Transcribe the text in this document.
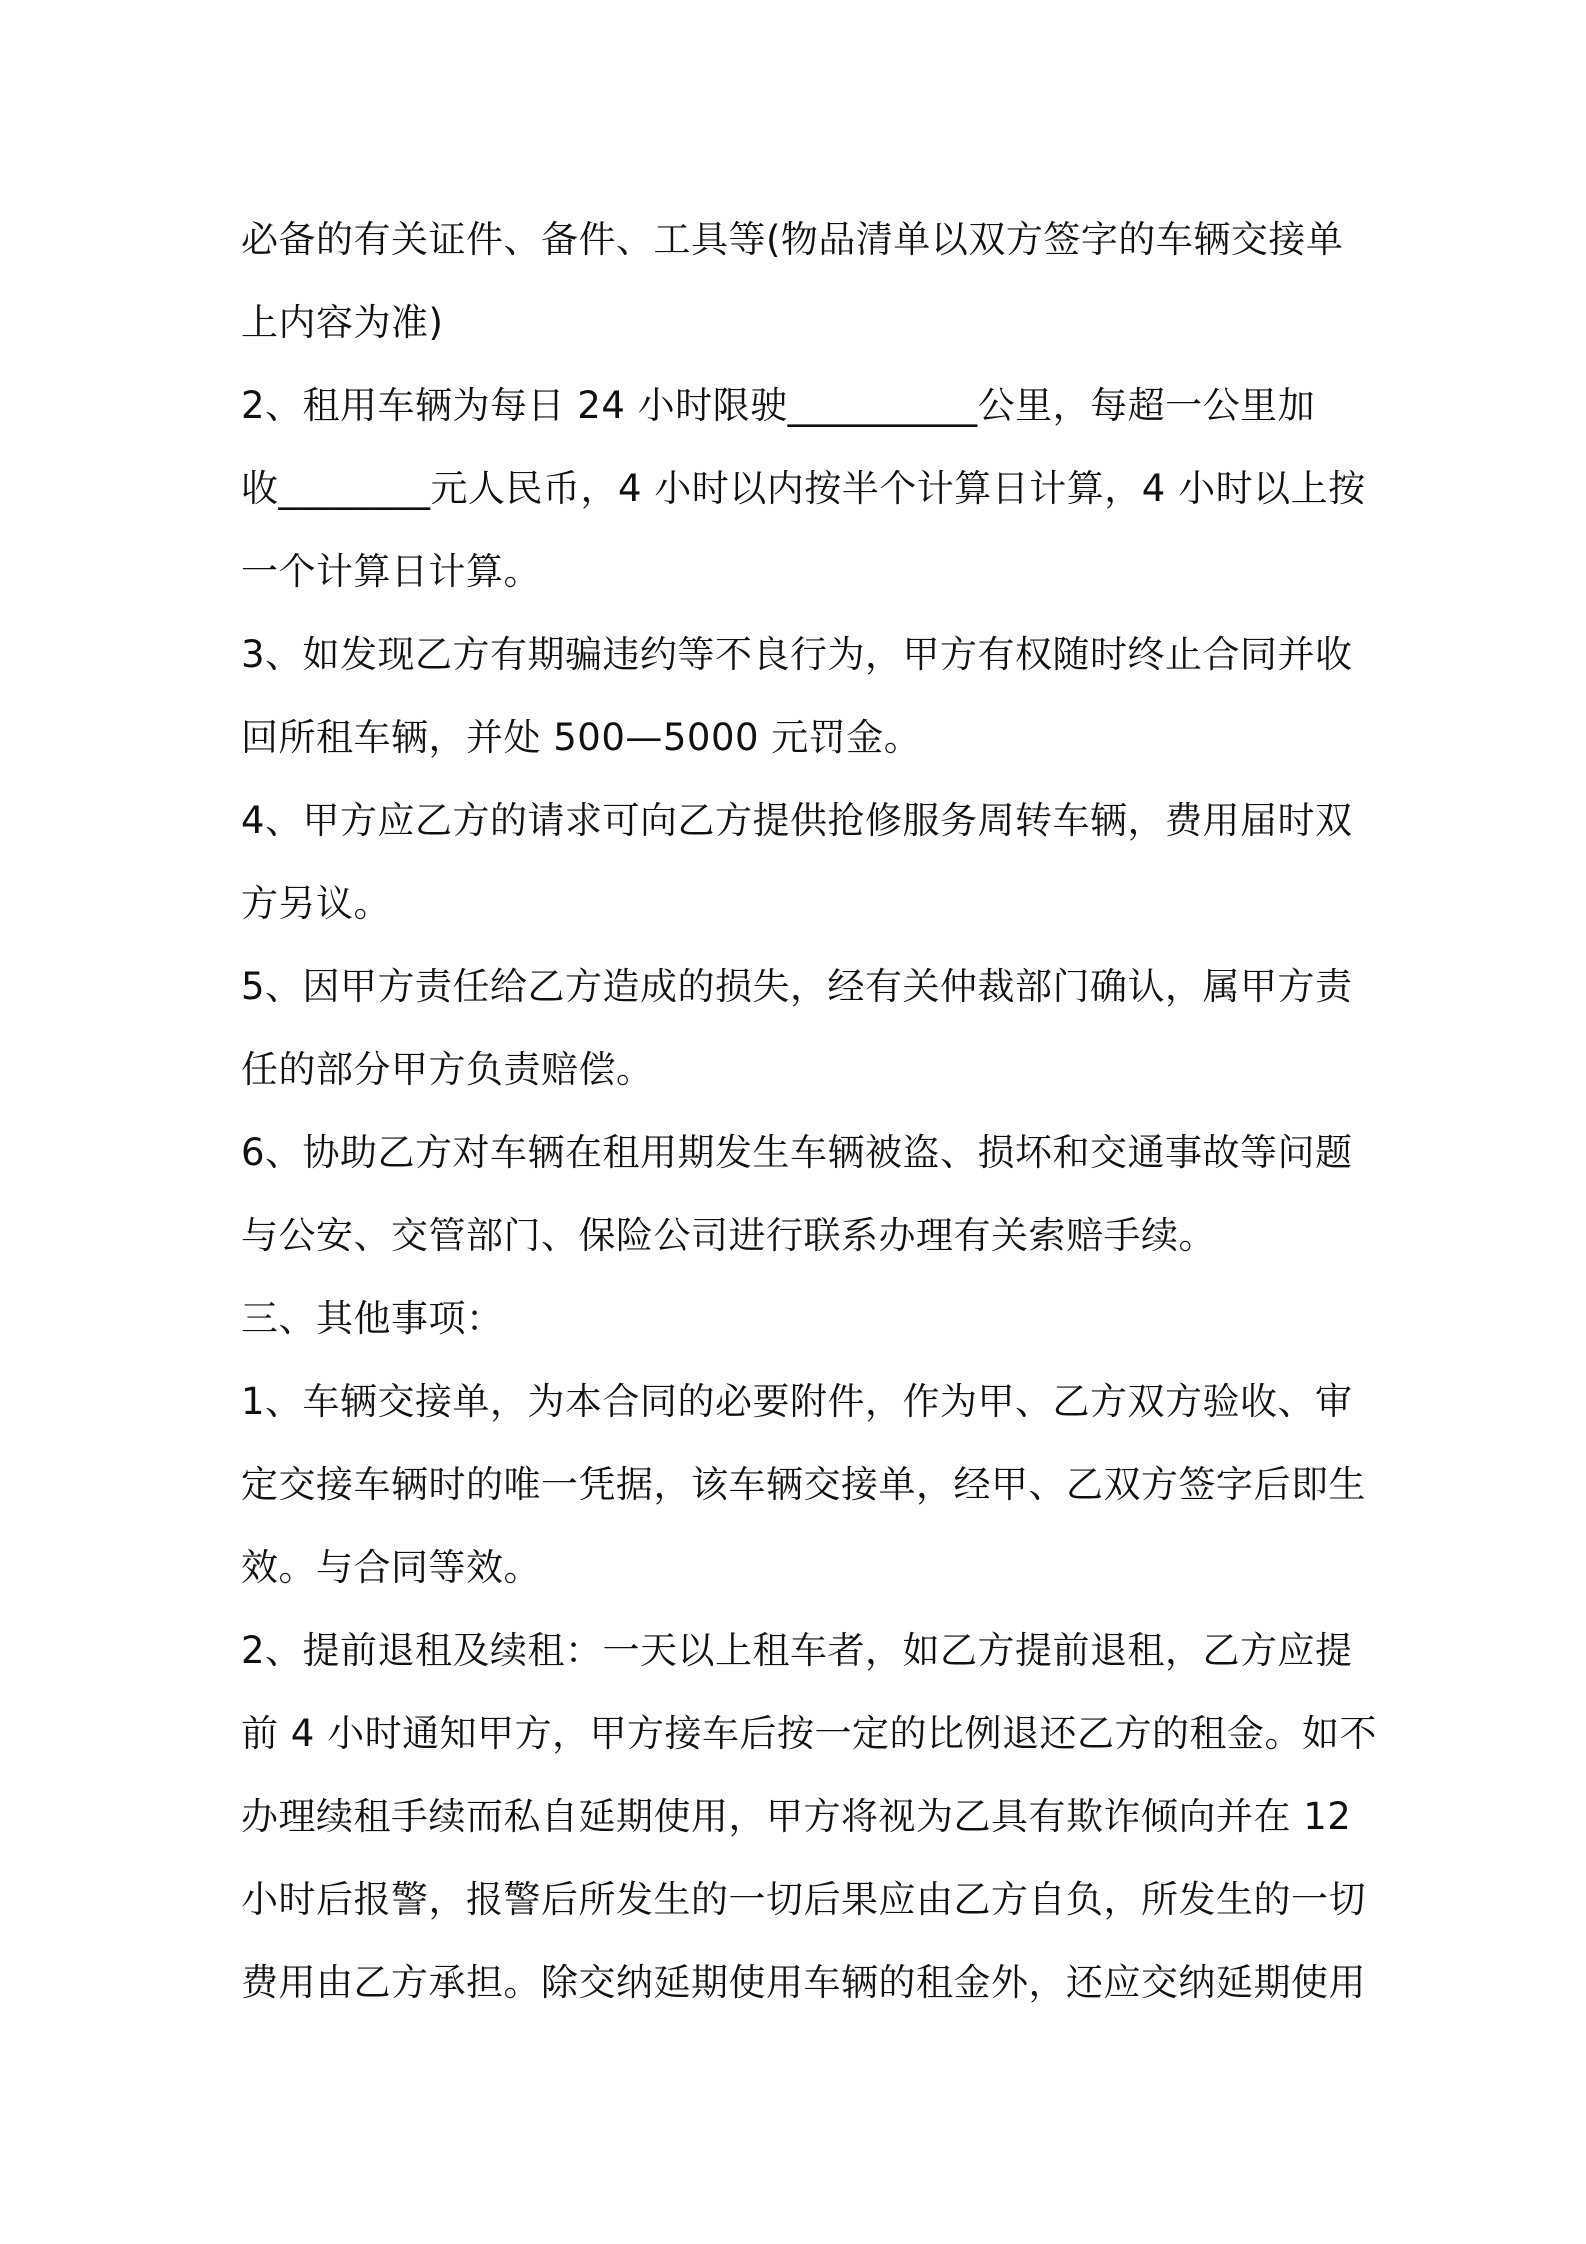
必备的有关证件、备件、工具等(物品清单以双方签字的车辆交接单
上内容为准)
2、租用车辆为每日 24 小时限驶__________公里，每超一公里加
收________元人民币，4 小时以内按半个计算日计算，4 小时以上按
一个计算日计算。
3、如发现乙方有期骗违约等不良行为，甲方有权随时终止合同并收
回所租车辆，并处 500—5000 元罚金。
4、甲方应乙方的请求可向乙方提供抢修服务周转车辆，费用届时双
方另议。
5、因甲方责任给乙方造成的损失，经有关仲裁部门确认，属甲方责
任的部分甲方负责赔偿。
6、协助乙方对车辆在租用期发生车辆被盗、损坏和交通事故等问题
与公安、交管部门、保险公司进行联系办理有关索赔手续。
三、其他事项：
1、车辆交接单，为本合同的必要附件，作为甲、乙方双方验收、审
定交接车辆时的唯一凭据，该车辆交接单，经甲、乙双方签字后即生
效。与合同等效。
2、提前退租及续租：一天以上租车者，如乙方提前退租，乙方应提
前 4 小时通知甲方，甲方接车后按一定的比例退还乙方的租金。如不
办理续租手续而私自延期使用，甲方将视为乙具有欺诈倾向并在 12
小时后报警，报警后所发生的一切后果应由乙方自负，所发生的一切
费用由乙方承担。除交纳延期使用车辆的租金外，还应交纳延期使用
